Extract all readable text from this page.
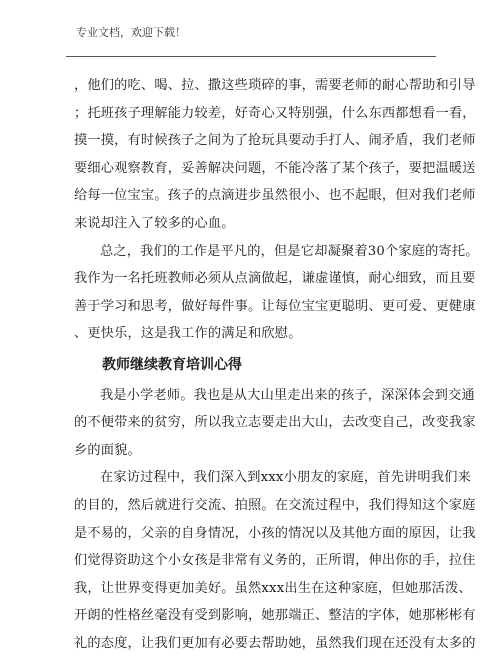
专业文档，欢迎下载！
，他们的吃、喝、拉、撒这些琐碎的事，需要老师的耐心帮助和引导
；托班孩子理解能力较差，好奇心又特别强，什么东西都想看一看，
摸一摸，有时候孩子之间为了抢玩具要动手打人、闹矛盾，我们老师
要细心观察教育，妥善解决问题，不能冷落了某个孩子，要把温暖送
给每一位宝宝。孩子的点滴进步虽然很小、也不起眼，但对我们老师
来说却注入了较多的心血。
总之，我们的工作是平凡的，但是它却凝聚着30个家庭的寄托。
我作为一名托班教师必须从点滴做起，谦虚谨慎，耐心细致，而且要
善于学习和思考，做好每件事。让每位宝宝更聪明、更可爱、更健康
、更快乐，这是我工作的满足和欣慰。
教师继续教育培训心得
我是小学老师。我也是从大山里走出来的孩子，深深体会到交通
的不便带来的贫穷，所以我立志要走出大山，去改变自己，改变我家
乡的面貌。
在家访过程中，我们深入到xxx小朋友的家庭，首先讲明我们来
的目的，然后就进行交流、拍照。在交流过程中，我们得知这个家庭
是不易的，父亲的自身情况，小孩的情况以及其他方面的原因，让我
们觉得资助这个小女孩是非常有义务的，正所谓，伸出你的手，拉住
我，让世界变得更加美好。虽然xxx出生在这种家庭，但她那活泼、
开朗的性格丝毫没有受到影响，她那端正、整洁的字体，她那彬彬有
礼的态度，让我们更加有必要去帮助她，虽然我们现在还没有太多的
